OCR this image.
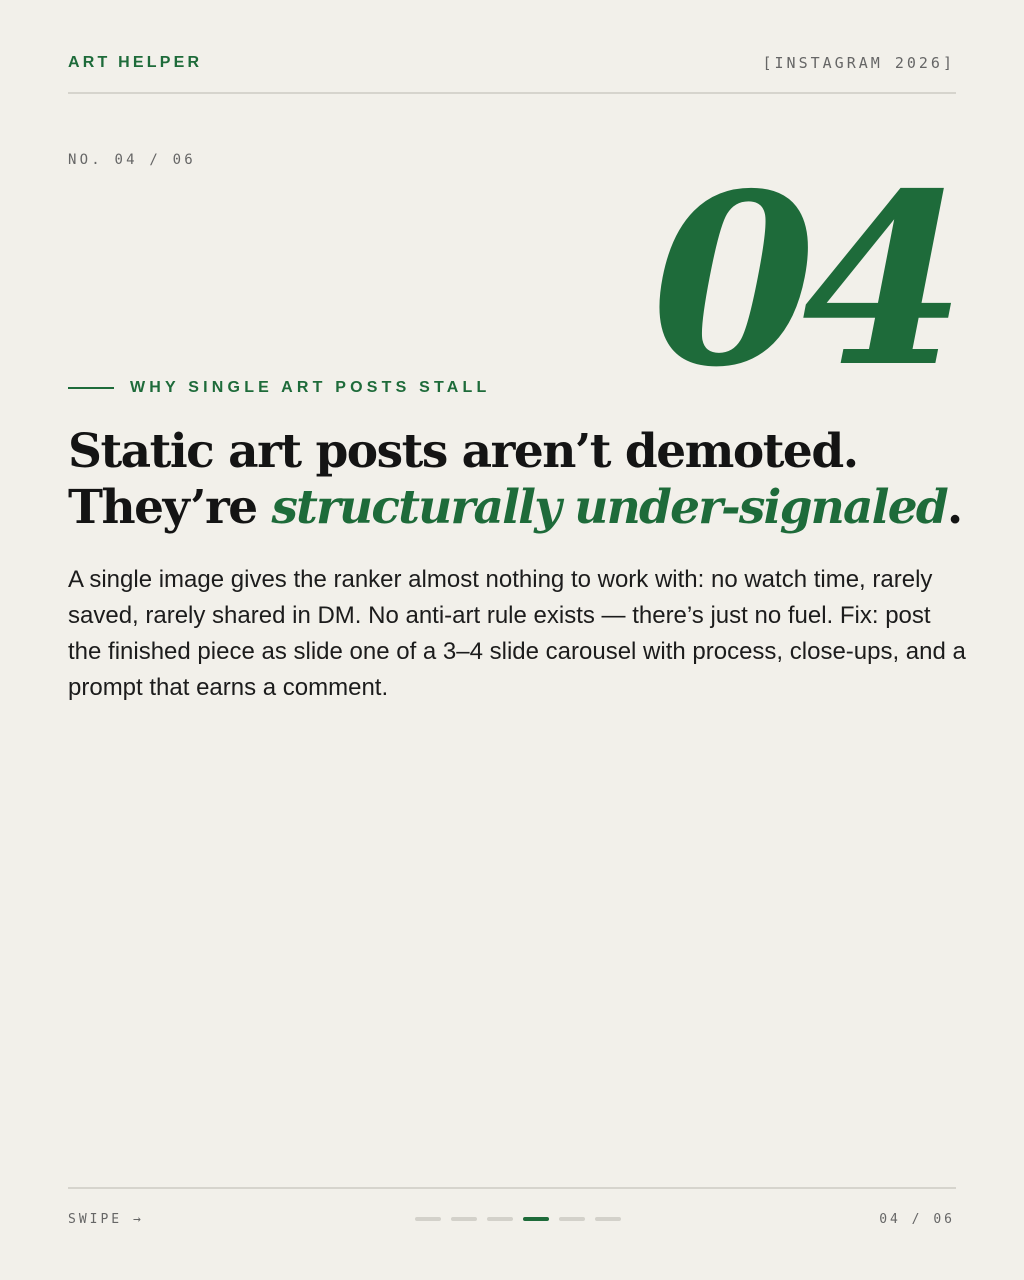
ART HELPER	[INSTAGRAM 2026]
NO. 04 / 06 04
WHY SINGLE ART POSTS STALL
Static art posts aren’t demoted. They’re structurally under-signaled.

A single image gives the ranker almost nothing to work with: no watch time, rarely saved, rarely shared in DM. No anti-art rule exists — there’s just no fuel. Fix: post the finished piece as slide one of a 3–4 slide carousel with process, close-ups, and a prompt that earns a comment.

SWIPE →	04 / 06
